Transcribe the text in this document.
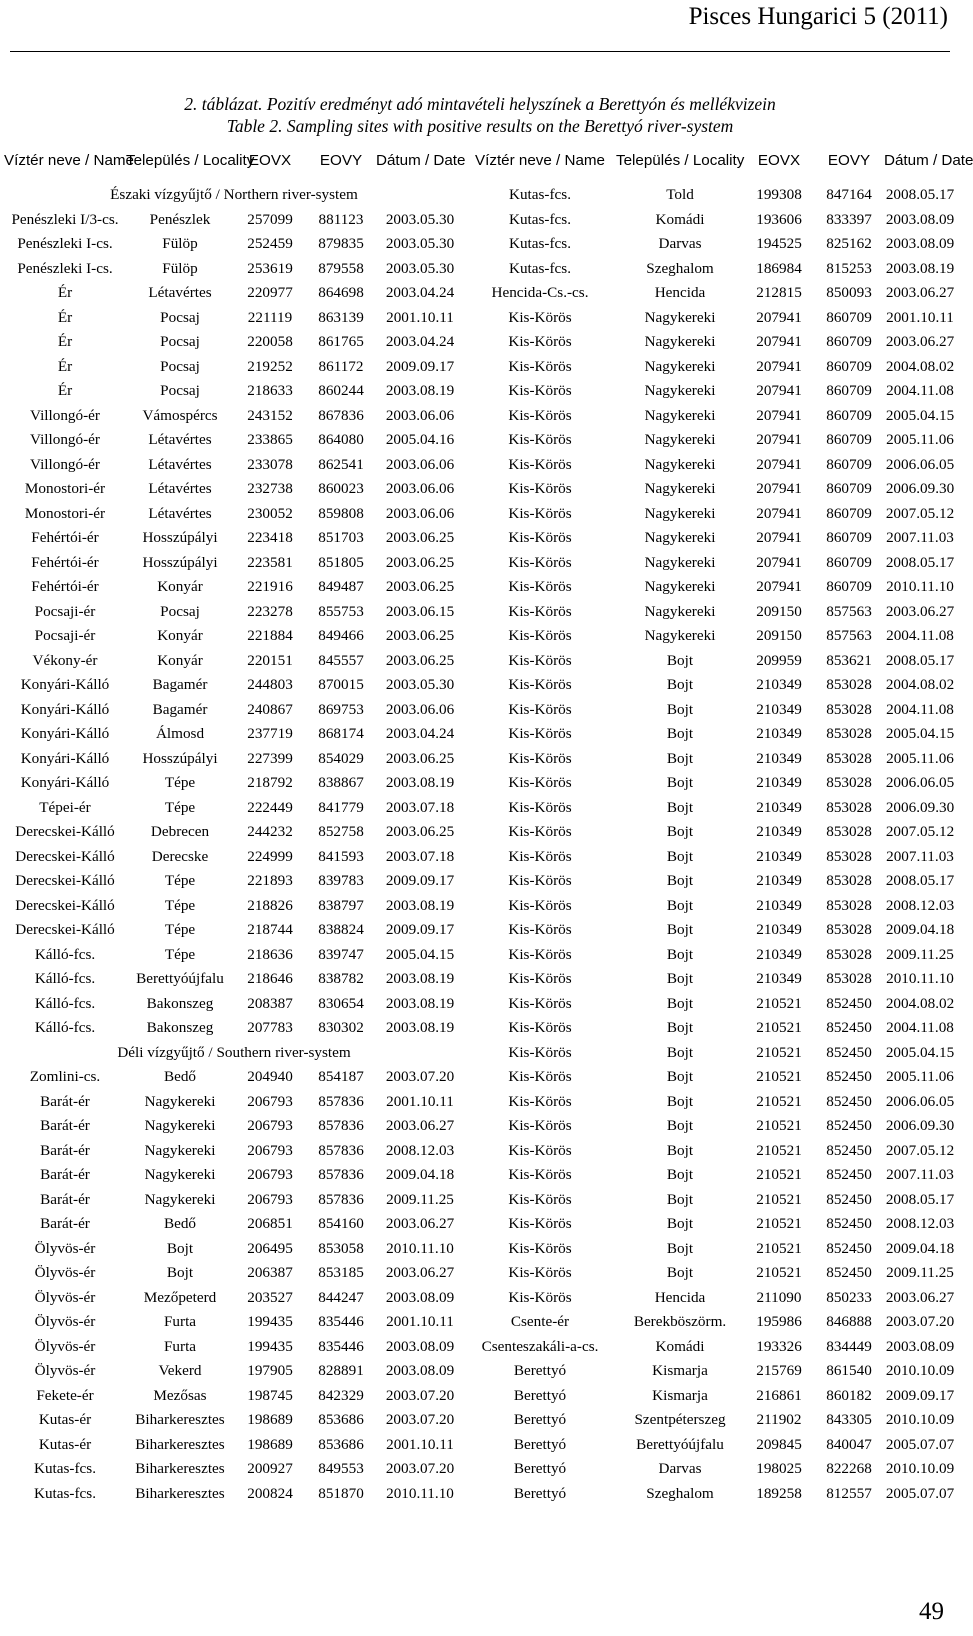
Pisces Hungarici 5 (2011)
2. táblázat. Pozitív eredményt adó mintavételi helyszínek a Berettyón és mellékvizein
Table 2. Sampling sites with positive results on the Berettyó river-system
Víztér neve / Name	Település / Locality	EOVX	EOVY	Dátum / Date	Víztér neve / Name	Település / Locality	EOVX	EOVY	Dátum / Date
Északi vízgyűjtő / Northern river-system					Kutas-fcs.	Told	199308	847164	2008.05.17
Penészleki I/3-cs.	Penészlek	257099	881123	2003.05.30	Kutas-fcs.	Komádi	193606	833397	2003.08.09
Penészleki I-cs.	Fülöp	252459	879835	2003.05.30	Kutas-fcs.	Darvas	194525	825162	2003.08.09
Penészleki I-cs.	Fülöp	253619	879558	2003.05.30	Kutas-fcs.	Szeghalom	186984	815253	2003.08.19
Ér	Létavértes	220977	864698	2003.04.24	Hencida-Cs.-cs.	Hencida	212815	850093	2003.06.27
Ér	Pocsaj	221119	863139	2001.10.11	Kis-Körös	Nagykereki	207941	860709	2001.10.11
Ér	Pocsaj	220058	861765	2003.04.24	Kis-Körös	Nagykereki	207941	860709	2003.06.27
Ér	Pocsaj	219252	861172	2009.09.17	Kis-Körös	Nagykereki	207941	860709	2004.08.02
Ér	Pocsaj	218633	860244	2003.08.19	Kis-Körös	Nagykereki	207941	860709	2004.11.08
Villongó-ér	Vámospércs	243152	867836	2003.06.06	Kis-Körös	Nagykereki	207941	860709	2005.04.15
Villongó-ér	Létavértes	233865	864080	2005.04.16	Kis-Körös	Nagykereki	207941	860709	2005.11.06
Villongó-ér	Létavértes	233078	862541	2003.06.06	Kis-Körös	Nagykereki	207941	860709	2006.06.05
Monostori-ér	Létavértes	232738	860023	2003.06.06	Kis-Körös	Nagykereki	207941	860709	2006.09.30
Monostori-ér	Létavértes	230052	859808	2003.06.06	Kis-Körös	Nagykereki	207941	860709	2007.05.12
Fehértói-ér	Hosszúpályi	223418	851703	2003.06.25	Kis-Körös	Nagykereki	207941	860709	2007.11.03
Fehértói-ér	Hosszúpályi	223581	851805	2003.06.25	Kis-Körös	Nagykereki	207941	860709	2008.05.17
Fehértói-ér	Konyár	221916	849487	2003.06.25	Kis-Körös	Nagykereki	207941	860709	2010.11.10
Pocsaji-ér	Pocsaj	223278	855753	2003.06.15	Kis-Körös	Nagykereki	209150	857563	2003.06.27
Pocsaji-ér	Konyár	221884	849466	2003.06.25	Kis-Körös	Nagykereki	209150	857563	2004.11.08
Vékony-ér	Konyár	220151	845557	2003.06.25	Kis-Körös	Bojt	209959	853621	2008.05.17
Konyári-Kálló	Bagamér	244803	870015	2003.05.30	Kis-Körös	Bojt	210349	853028	2004.08.02
Konyári-Kálló	Bagamér	240867	869753	2003.06.06	Kis-Körös	Bojt	210349	853028	2004.11.08
Konyári-Kálló	Álmosd	237719	868174	2003.04.24	Kis-Körös	Bojt	210349	853028	2005.04.15
Konyári-Kálló	Hosszúpályi	227399	854029	2003.06.25	Kis-Körös	Bojt	210349	853028	2005.11.06
Konyári-Kálló	Tépe	218792	838867	2003.08.19	Kis-Körös	Bojt	210349	853028	2006.06.05
Tépei-ér	Tépe	222449	841779	2003.07.18	Kis-Körös	Bojt	210349	853028	2006.09.30
Derecskei-Kálló	Debrecen	244232	852758	2003.06.25	Kis-Körös	Bojt	210349	853028	2007.05.12
Derecskei-Kálló	Derecske	224999	841593	2003.07.18	Kis-Körös	Bojt	210349	853028	2007.11.03
Derecskei-Kálló	Tépe	221893	839783	2009.09.17	Kis-Körös	Bojt	210349	853028	2008.05.17
Derecskei-Kálló	Tépe	218826	838797	2003.08.19	Kis-Körös	Bojt	210349	853028	2008.12.03
Derecskei-Kálló	Tépe	218744	838824	2009.09.17	Kis-Körös	Bojt	210349	853028	2009.04.18
Kálló-fcs.	Tépe	218636	839747	2005.04.15	Kis-Körös	Bojt	210349	853028	2009.11.25
Kálló-fcs.	Berettyóújfalu	218646	838782	2003.08.19	Kis-Körös	Bojt	210349	853028	2010.11.10
Kálló-fcs.	Bakonszeg	208387	830654	2003.08.19	Kis-Körös	Bojt	210521	852450	2004.08.02
Kálló-fcs.	Bakonszeg	207783	830302	2003.08.19	Kis-Körös	Bojt	210521	852450	2004.11.08
Déli vízgyűjtő / Southern river-system					Kis-Körös	Bojt	210521	852450	2005.04.15
Zomlini-cs.	Bedő	204940	854187	2003.07.20	Kis-Körös	Bojt	210521	852450	2005.11.06
Barát-ér	Nagykereki	206793	857836	2001.10.11	Kis-Körös	Bojt	210521	852450	2006.06.05
Barát-ér	Nagykereki	206793	857836	2003.06.27	Kis-Körös	Bojt	210521	852450	2006.09.30
Barát-ér	Nagykereki	206793	857836	2008.12.03	Kis-Körös	Bojt	210521	852450	2007.05.12
Barát-ér	Nagykereki	206793	857836	2009.04.18	Kis-Körös	Bojt	210521	852450	2007.11.03
Barát-ér	Nagykereki	206793	857836	2009.11.25	Kis-Körös	Bojt	210521	852450	2008.05.17
Barát-ér	Bedő	206851	854160	2003.06.27	Kis-Körös	Bojt	210521	852450	2008.12.03
Ölyvös-ér	Bojt	206495	853058	2010.11.10	Kis-Körös	Bojt	210521	852450	2009.04.18
Ölyvös-ér	Bojt	206387	853185	2003.06.27	Kis-Körös	Bojt	210521	852450	2009.11.25
Ölyvös-ér	Mezőpeterd	203527	844247	2003.08.09	Kis-Körös	Hencida	211090	850233	2003.06.27
Ölyvös-ér	Furta	199435	835446	2001.10.11	Csente-ér	Berekböszörm.	195986	846888	2003.07.20
Ölyvös-ér	Furta	199435	835446	2003.08.09	Csenteszakáli-a-cs.	Komádi	193326	834449	2003.08.09
Ölyvös-ér	Vekerd	197905	828891	2003.08.09	Berettyó	Kismarja	215769	861540	2010.10.09
Fekete-ér	Mezősas	198745	842329	2003.07.20	Berettyó	Kismarja	216861	860182	2009.09.17
Kutas-ér	Biharkeresztes	198689	853686	2003.07.20	Berettyó	Szentpéterszeg	211902	843305	2010.10.09
Kutas-ér	Biharkeresztes	198689	853686	2001.10.11	Berettyó	Berettyóújfalu	209845	840047	2005.07.07
Kutas-fcs.	Biharkeresztes	200927	849553	2003.07.20	Berettyó	Darvas	198025	822268	2010.10.09
Kutas-fcs.	Biharkeresztes	200824	851870	2010.11.10	Berettyó	Szeghalom	189258	812557	2005.07.07
49
